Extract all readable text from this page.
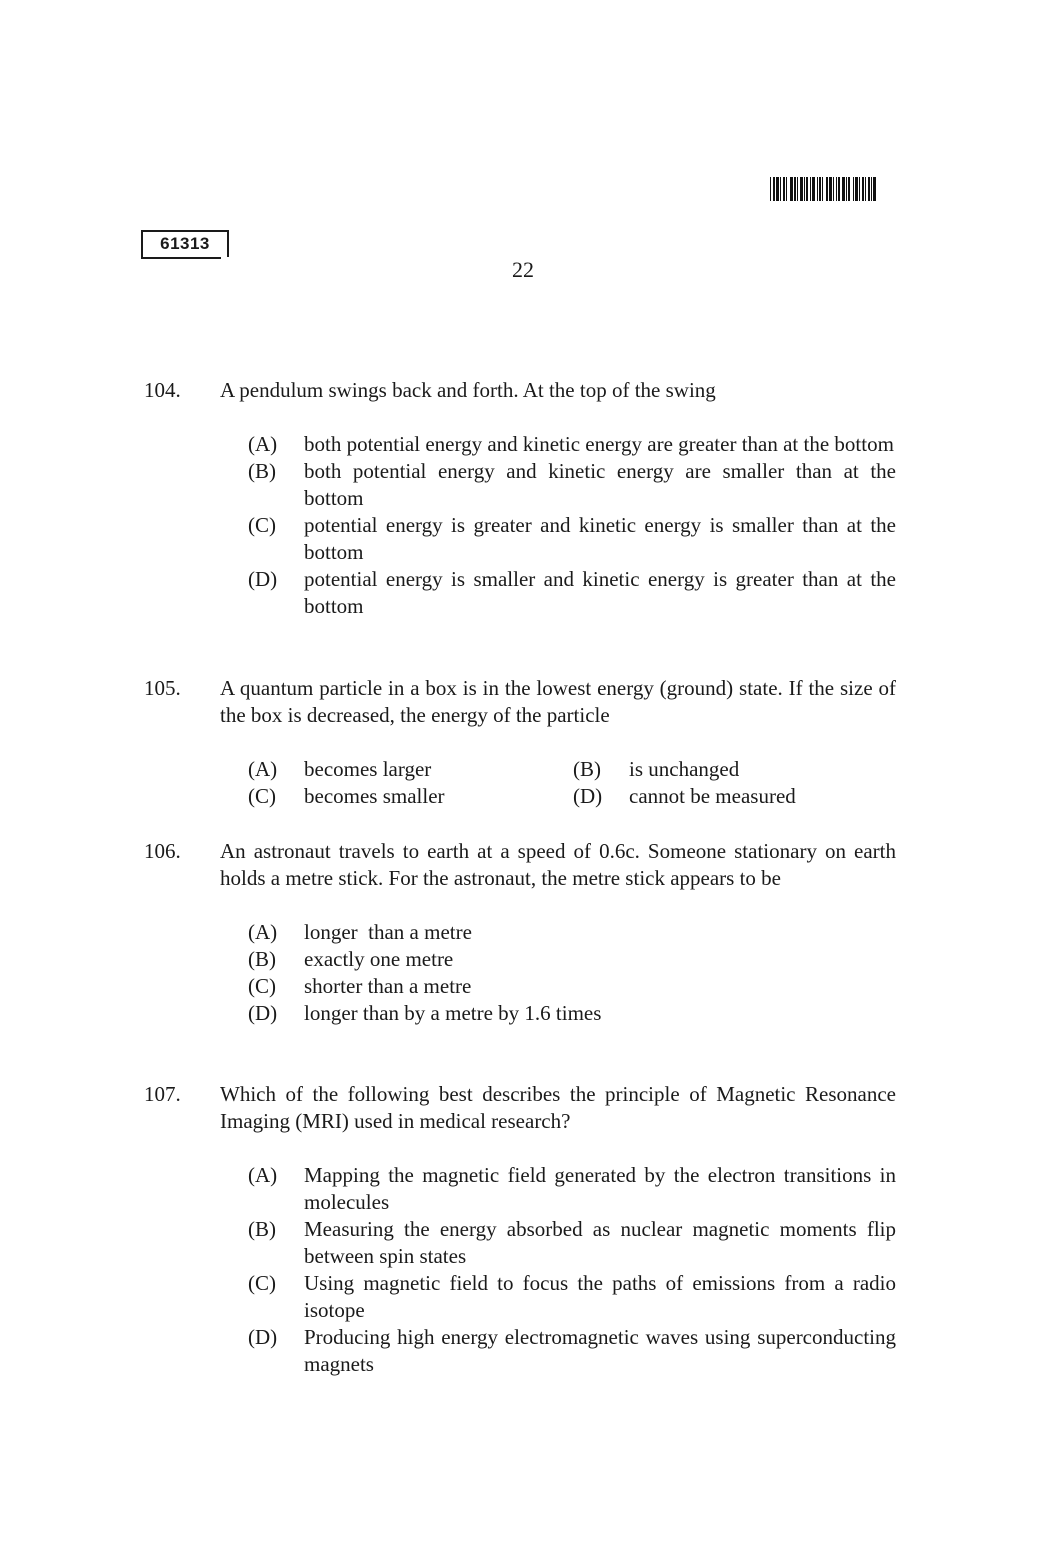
61313
22
104. A pendulum swings back and forth. At the top of the swing
(A)	both potential energy and kinetic energy are greater than at the bottom
(B)	both potential energy and kinetic energy are smaller than at the bottom
(C)	potential energy is greater and kinetic energy is smaller than at the bottom
(D)	potential energy is smaller and kinetic energy is greater than at the bottom
105. A quantum particle in a box is in the lowest energy (ground) state. If the size of the box is decreased, the energy of the particle
(A)	becomes larger	(B)	is unchanged
(C)	becomes smaller	(D)	cannot be measured
106. An astronaut travels to earth at a speed of 0.6c. Someone stationary on earth holds a metre stick. For the astronaut, the metre stick appears to be
(A)	longer  than a metre
(B)	exactly one metre
(C)	shorter than a metre
(D)	longer than by a metre by 1.6 times
107. Which of the following best describes the principle of Magnetic Resonance Imaging (MRI) used in medical research?
(A)	Mapping the magnetic field generated by the electron transitions in molecules
(B)	Measuring the energy absorbed as nuclear magnetic moments flip between spin states
(C)	Using magnetic field to focus the paths of emissions from a radio isotope
(D)	Producing high energy electromagnetic waves using superconducting magnets
